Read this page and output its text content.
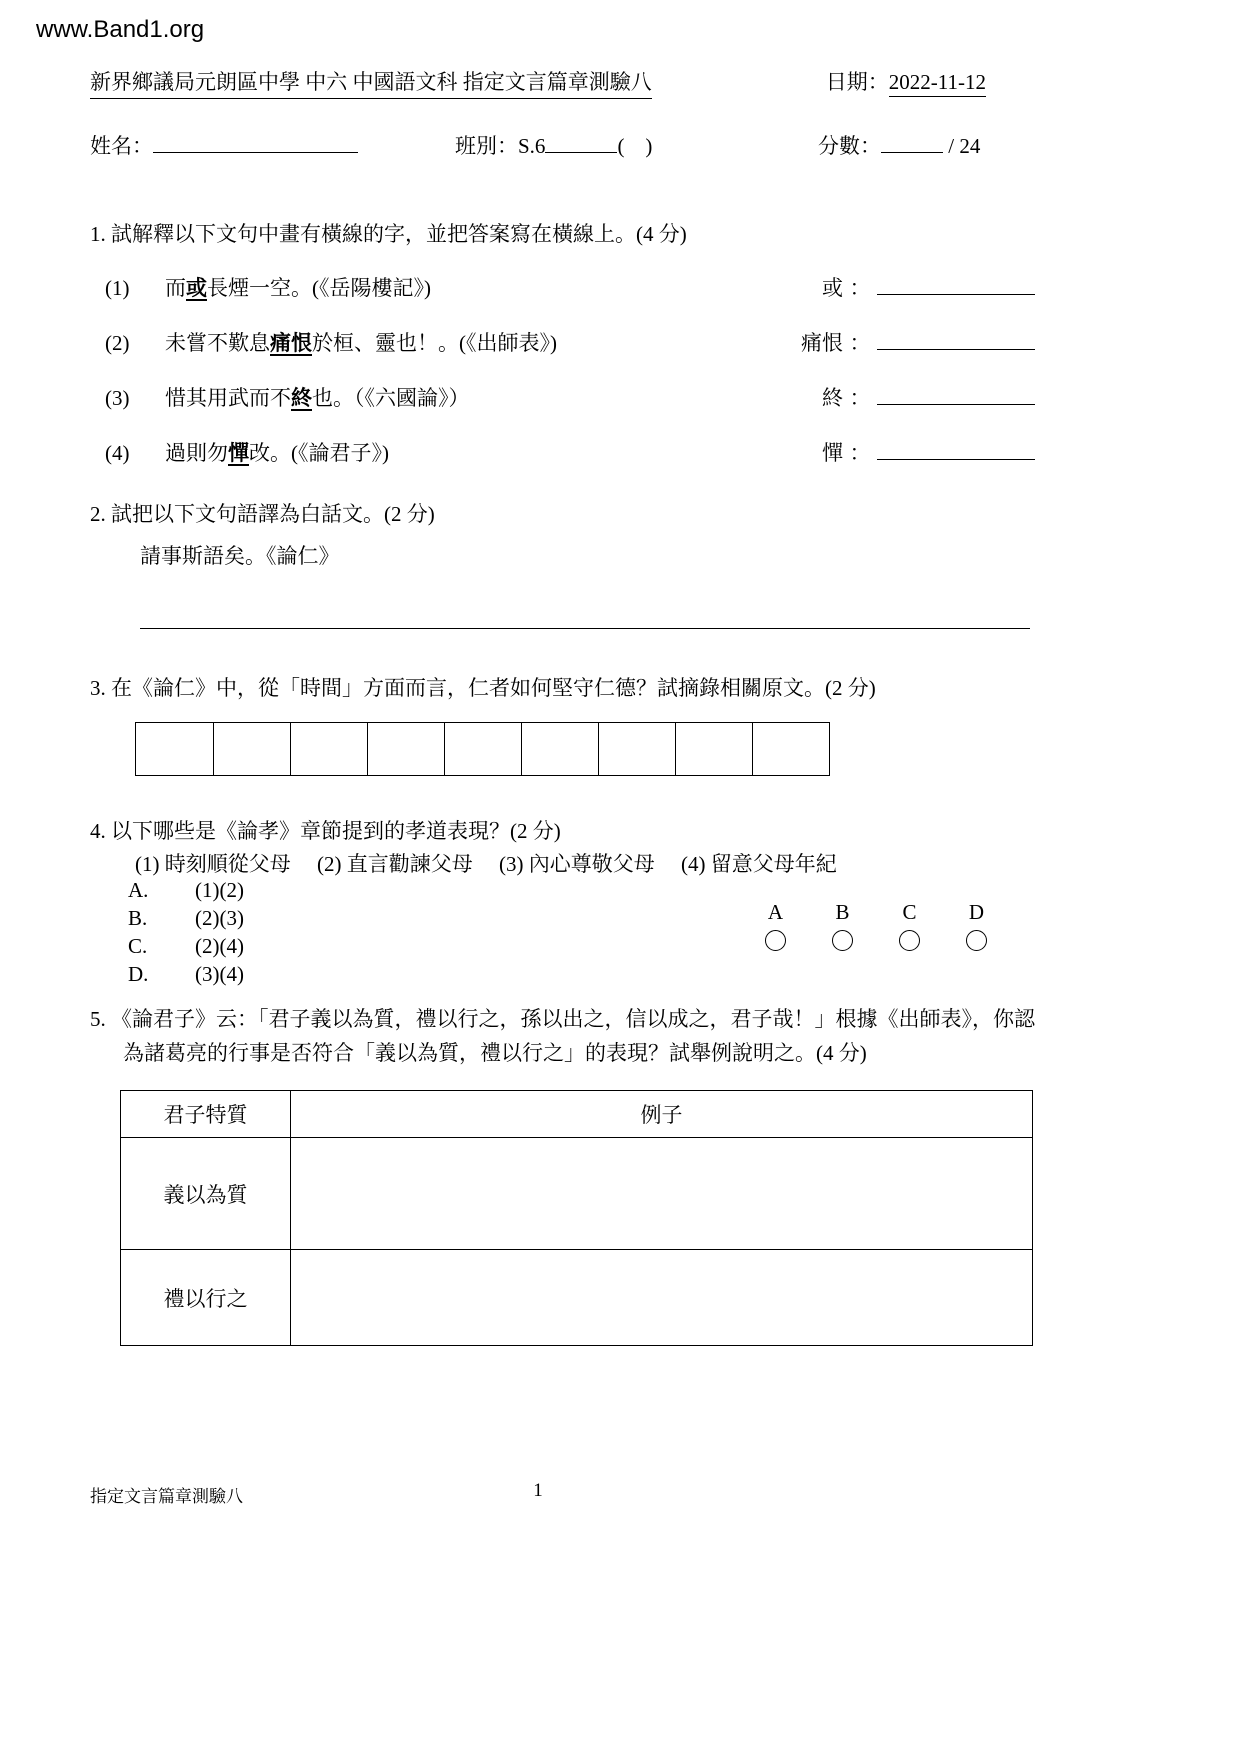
www.Band1.org
新界鄉議局元朗區中學 中六 中國語文科 指定文言篇章測驗八	日期：2022-11-12
姓名：	班別：S.6	(　)	分數：	/ 24
1. 試解釋以下文句中畫有橫線的字，並把答案寫在橫線上。(4 分)
(1)	而或長煙一空。(《岳陽樓記》)	或 ：
(2)	未嘗不歎息痛恨於桓、靈也！。(《出師表》)	痛恨 ：
(3)	惜其用武而不終也。（《六國論》）	終 ：
(4)	過則勿憚改。(《論君子》)	憚 ：
2. 試把以下文句語譯為白話文。(2 分)
請事斯語矣。《論仁》
3. 在《論仁》中，從「時間」方面而言，仁者如何堅守仁德？試摘錄相關原文。(2 分)
4. 以下哪些是《論孝》章節提到的孝道表現？(2 分)
(1) 時刻順從父母　 (2) 直言勸諫父母　 (3) 內心尊敬父母　 (4) 留意父母年紀
A.	(1)(2)
B.	(2)(3)
C.	(2)(4)
D.	(3)(4)
A	B	C	D
5. 《論君子》云：「君子義以為質，禮以行之，孫以出之，信以成之，君子哉！」根據《出師表》，你認為諸葛亮的行事是否符合「義以為質，禮以行之」的表現？試舉例說明之。(4 分)
君子特質	例子
義以為質
禮以行之
指定文言篇章測驗八	1
